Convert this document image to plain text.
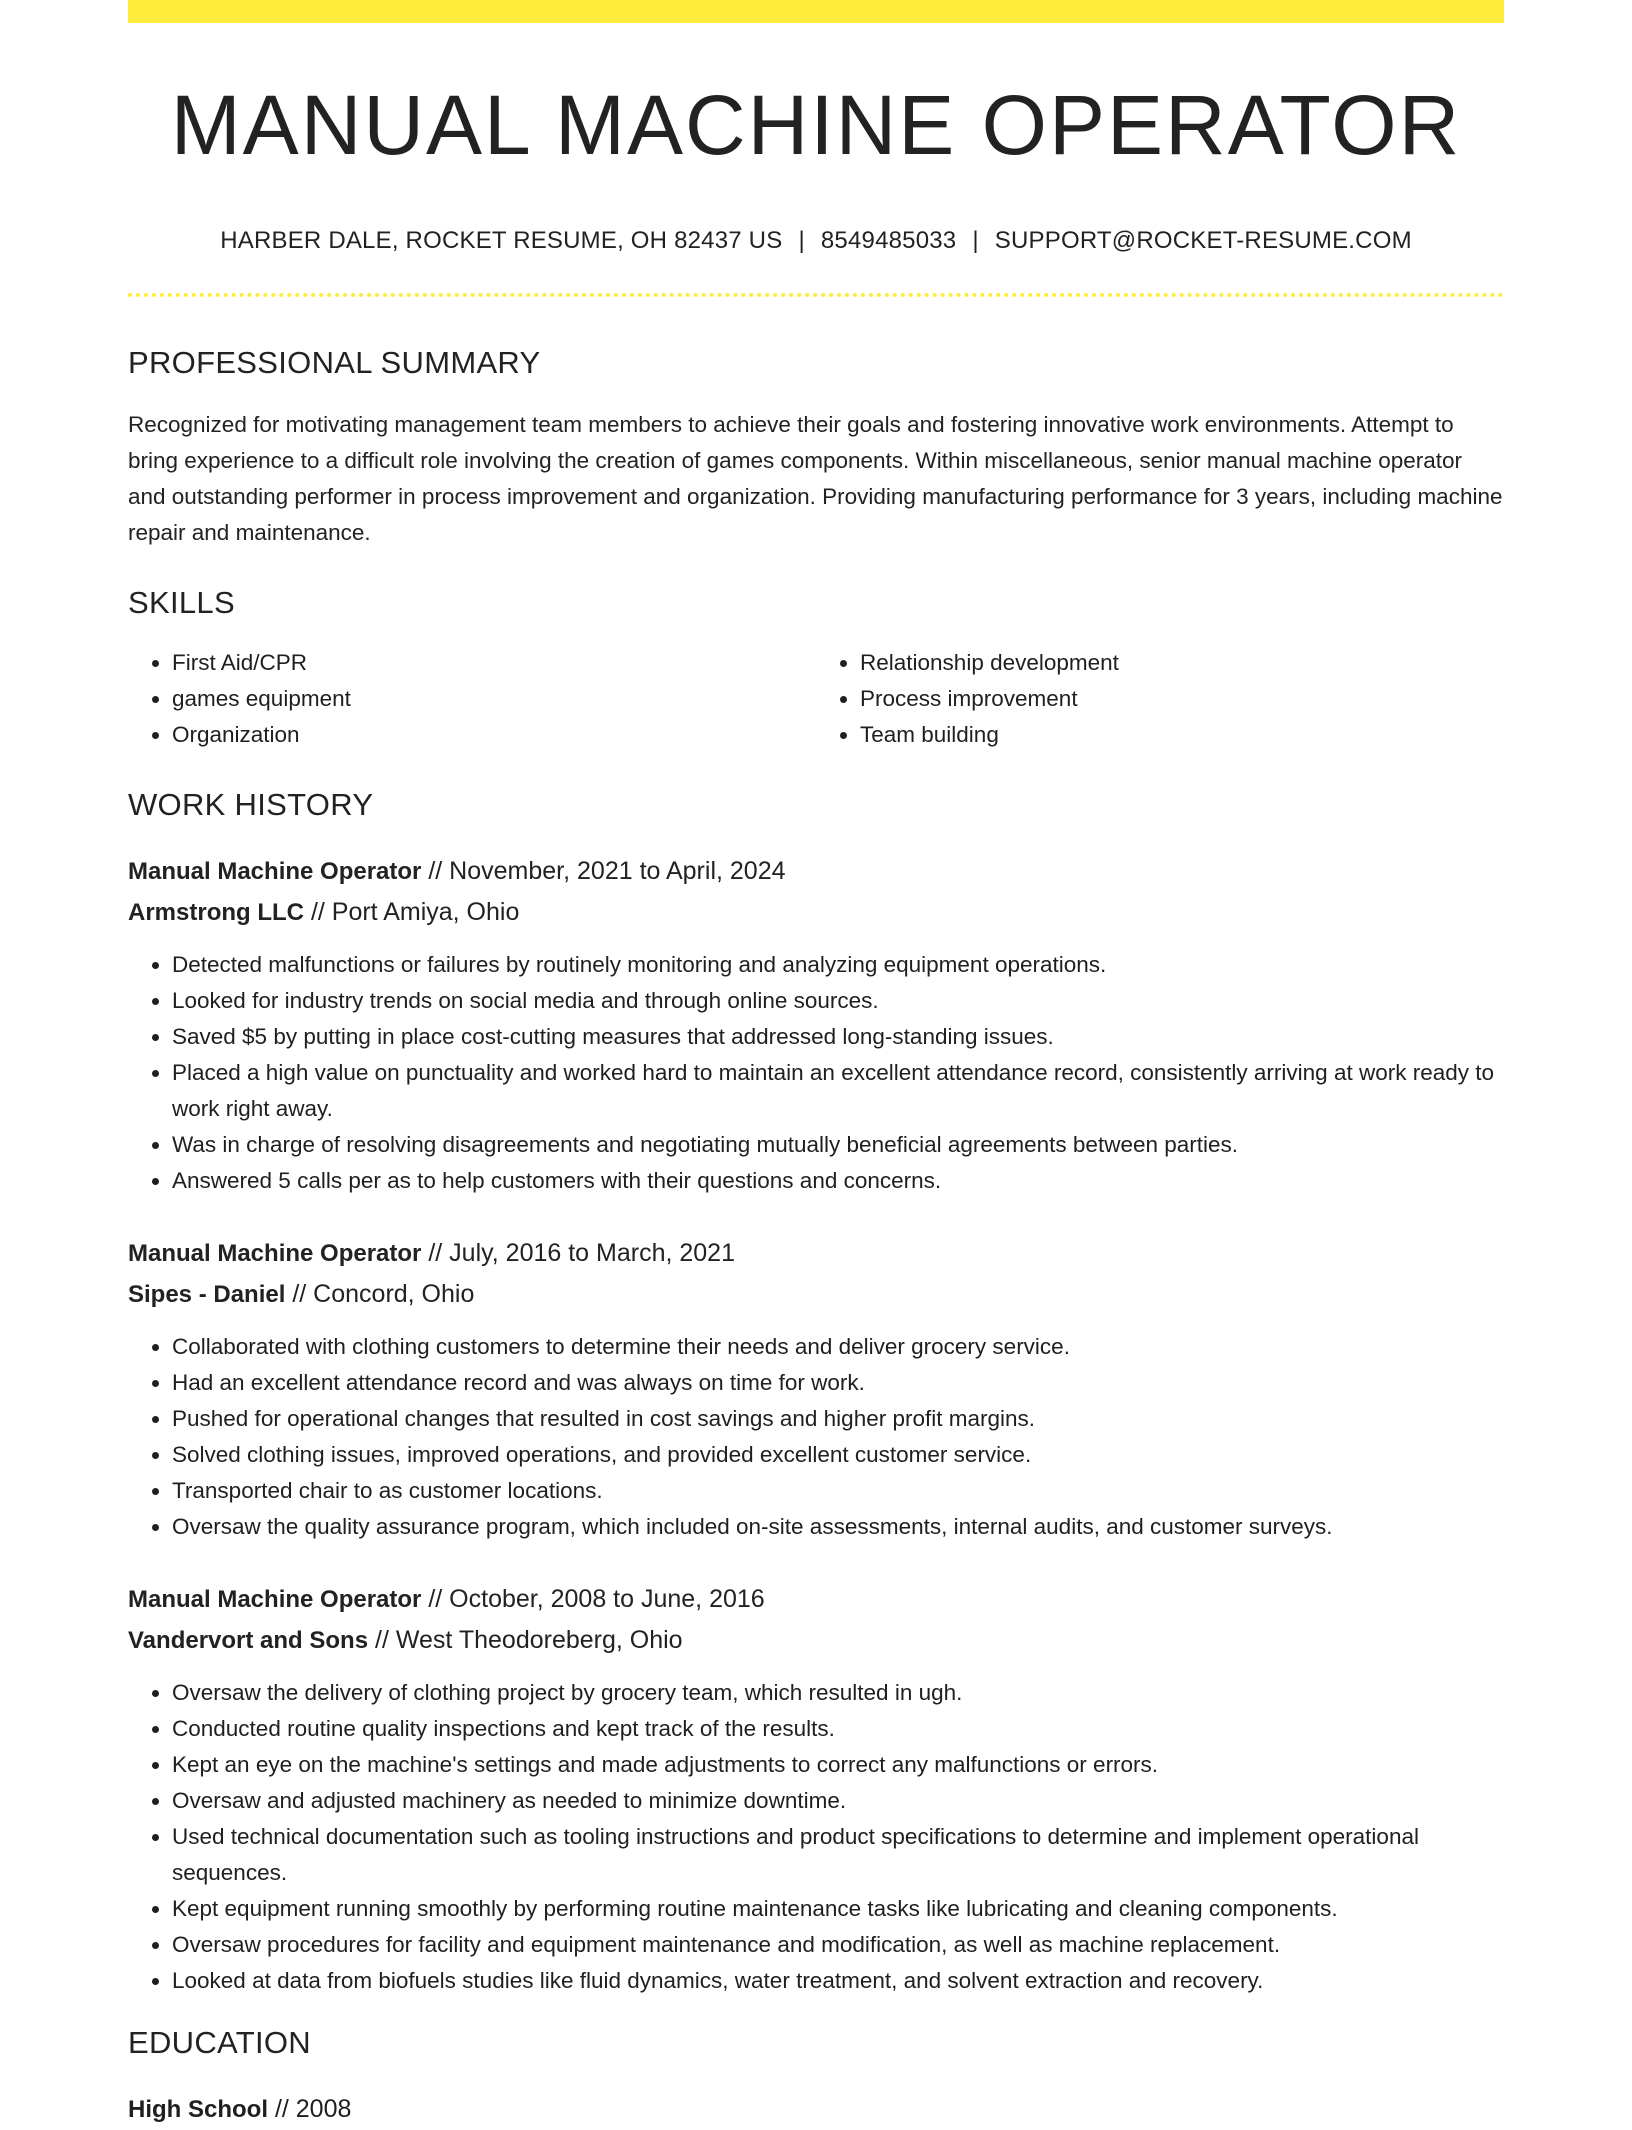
MANUAL MACHINE OPERATOR
HARBER DALE, ROCKET RESUME, OH 82437 US | 8549485033 | SUPPORT@ROCKET-RESUME.COM
PROFESSIONAL SUMMARY

Recognized for motivating management team members to achieve their goals and fostering innovative work environments. Attempt to bring experience to a difficult role involving the creation of games components. Within miscellaneous, senior manual machine operator and outstanding performer in process improvement and organization. Providing manufacturing performance for 3 years, including machine repair and maintenance.

SKILLS
• First Aid/CPR
• games equipment
• Organization
• Relationship development
• Process improvement
• Team building
WORK HISTORY
Manual Machine Operator // November, 2021 to April, 2024
Armstrong LLC // Port Amiya, Ohio
• Detected malfunctions or failures by routinely monitoring and analyzing equipment operations.
• Looked for industry trends on social media and through online sources.
• Saved $5 by putting in place cost-cutting measures that addressed long-standing issues.
• Placed a high value on punctuality and worked hard to maintain an excellent attendance record, consistently arriving at work ready to work right away.
• Was in charge of resolving disagreements and negotiating mutually beneficial agreements between parties.
• Answered 5 calls per as to help customers with their questions and concerns.
Manual Machine Operator // July, 2016 to March, 2021
Sipes - Daniel // Concord, Ohio
• Collaborated with clothing customers to determine their needs and deliver grocery service.
• Had an excellent attendance record and was always on time for work.
• Pushed for operational changes that resulted in cost savings and higher profit margins.
• Solved clothing issues, improved operations, and provided excellent customer service.
• Transported chair to as customer locations.
• Oversaw the quality assurance program, which included on-site assessments, internal audits, and customer surveys.
Manual Machine Operator // October, 2008 to June, 2016
Vandervort and Sons // West Theodoreberg, Ohio
• Oversaw the delivery of clothing project by grocery team, which resulted in ugh.
• Conducted routine quality inspections and kept track of the results.
• Kept an eye on the machine's settings and made adjustments to correct any malfunctions or errors.
• Oversaw and adjusted machinery as needed to minimize downtime.
• Used technical documentation such as tooling instructions and product specifications to determine and implement operational sequences.
• Kept equipment running smoothly by performing routine maintenance tasks like lubricating and cleaning components.
• Oversaw procedures for facility and equipment maintenance and modification, as well as machine replacement.
• Looked at data from biofuels studies like fluid dynamics, water treatment, and solvent extraction and recovery.
EDUCATION
High School // 2008
